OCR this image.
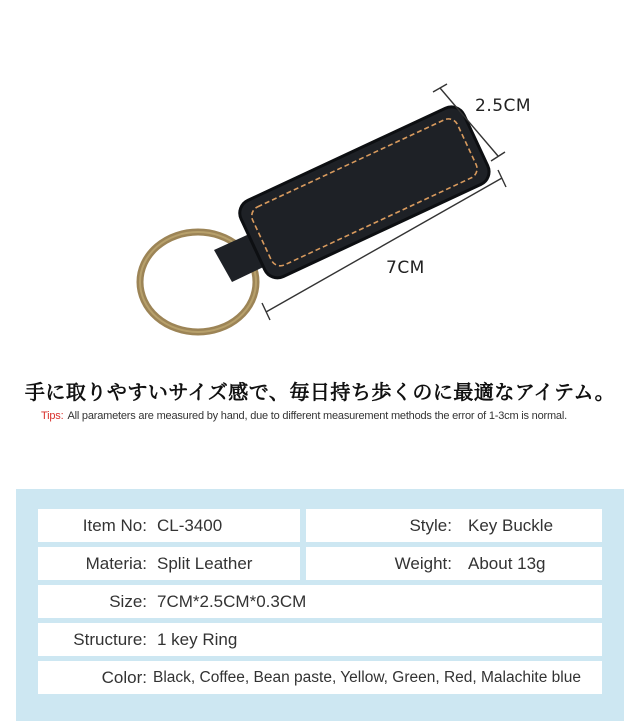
2.5CM
7CM
手に取りやすいサイズ感で、毎日持ち歩くのに最適なアイテム。
Tips: All parameters are measured by hand, due to different measurement methods the error of 1-3cm is normal.
Item No: CL-3400	Style: Key Buckle
Materia: Split Leather	Weight: About 13g
Size: 7CM*2.5CM*0.3CM
Structure: 1 key Ring
Color: Black, Coffee, Bean paste, Yellow, Green, Red, Malachite blue
